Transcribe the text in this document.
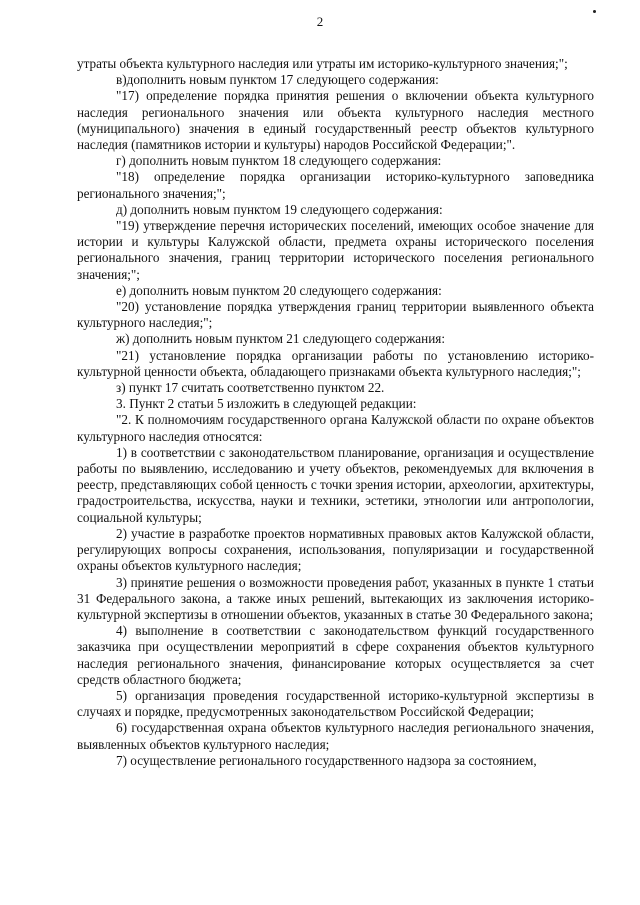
2

утраты объекта культурного наследия или утраты им историко-культурного значения;";

в)дополнить новым пунктом 17 следующего содержания:

"17) определение порядка принятия решения о включении объекта культурного наследия регионального значения или объекта культурного наследия местного (муниципального) значения в единый государственный реестр объектов культурного наследия (памятников истории и культуры) народов Российской Федерации;".

г) дополнить новым пунктом 18 следующего содержания:

"18) определение порядка организации историко-культурного заповедника регионального значения;";

д) дополнить новым пунктом 19 следующего содержания:

"19) утверждение перечня исторических поселений, имеющих особое значение для истории и культуры Калужской области, предмета охраны исторического поселения регионального значения, границ территории исторического поселения регионального значения;";

е) дополнить новым пунктом 20 следующего содержания:

"20) установление порядка утверждения границ территории выявленного объекта культурного наследия;";

ж) дополнить новым пунктом 21 следующего содержания:

"21) установление порядка организации работы по установлению историко-культурной ценности объекта, обладающего признаками объекта культурного наследия;";

з) пункт 17 считать соответственно пунктом 22.

3. Пункт 2 статьи 5 изложить в следующей редакции:

"2. К полномочиям государственного органа Калужской области по охране объектов культурного наследия относятся:

1) в соответствии с законодательством планирование, организация и осуществление работы по выявлению, исследованию и учету объектов, рекомендуемых для включения в реестр, представляющих собой ценность с точки зрения истории, археологии, архитектуры, градостроительства, искусства, науки и техники, эстетики, этнологии или антропологии, социальной культуры;

2) участие в разработке проектов нормативных правовых актов Калужской области, регулирующих вопросы сохранения, использования, популяризации и государственной охраны объектов культурного наследия;

3) принятие решения о возможности проведения работ, указанных в пункте 1 статьи 31 Федерального закона, а также иных решений, вытекающих из заключения историко-культурной экспертизы в отношении объектов, указанных в статье 30 Федерального закона;

4) выполнение в соответствии с законодательством функций государственного заказчика при осуществлении мероприятий в сфере сохранения объектов культурного наследия регионального значения, финансирование которых осуществляется за счет средств областного бюджета;

5) организация проведения государственной историко-культурной экспертизы в случаях и порядке, предусмотренных законодательством Российской Федерации;

6) государственная охрана объектов культурного наследия регионального значения, выявленных объектов культурного наследия;

7) осуществление регионального государственного надзора за состоянием,
